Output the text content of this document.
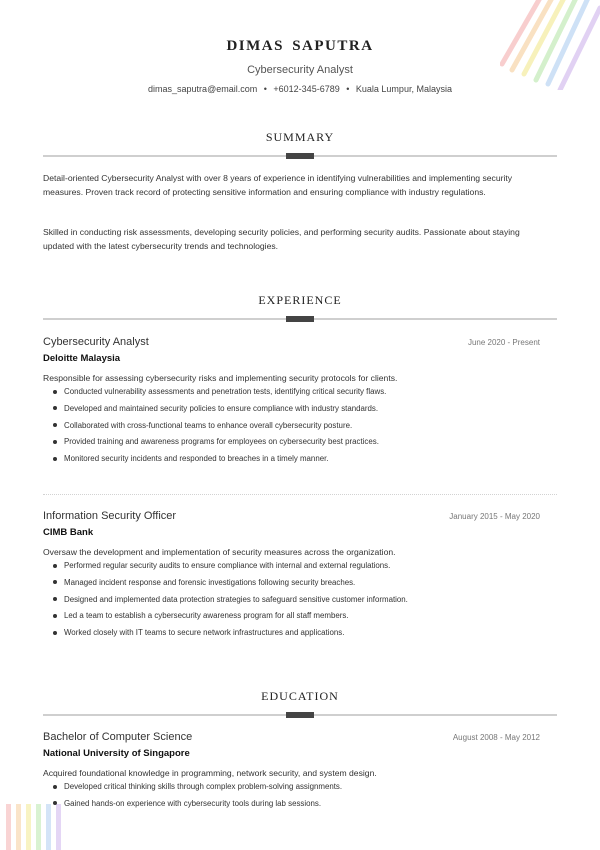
DIMAS SAPUTRA
Cybersecurity Analyst
dimas_saputra@email.com • +6012-345-6789 • Kuala Lumpur, Malaysia
SUMMARY
Detail-oriented Cybersecurity Analyst with over 8 years of experience in identifying vulnerabilities and implementing security measures. Proven track record of protecting sensitive information and ensuring compliance with industry regulations.
Skilled in conducting risk assessments, developing security policies, and performing security audits. Passionate about staying updated with the latest cybersecurity trends and technologies.
EXPERIENCE
Cybersecurity Analyst	June 2020 - Present
Deloitte Malaysia
Responsible for assessing cybersecurity risks and implementing security protocols for clients.
Conducted vulnerability assessments and penetration tests, identifying critical security flaws.
Developed and maintained security policies to ensure compliance with industry standards.
Collaborated with cross-functional teams to enhance overall cybersecurity posture.
Provided training and awareness programs for employees on cybersecurity best practices.
Monitored security incidents and responded to breaches in a timely manner.
Information Security Officer	January 2015 - May 2020
CIMB Bank
Oversaw the development and implementation of security measures across the organization.
Performed regular security audits to ensure compliance with internal and external regulations.
Managed incident response and forensic investigations following security breaches.
Designed and implemented data protection strategies to safeguard sensitive customer information.
Led a team to establish a cybersecurity awareness program for all staff members.
Worked closely with IT teams to secure network infrastructures and applications.
EDUCATION
Bachelor of Computer Science	August 2008 - May 2012
National University of Singapore
Acquired foundational knowledge in programming, network security, and system design.
Developed critical thinking skills through complex problem-solving assignments.
Gained hands-on experience with cybersecurity tools during lab sessions.
